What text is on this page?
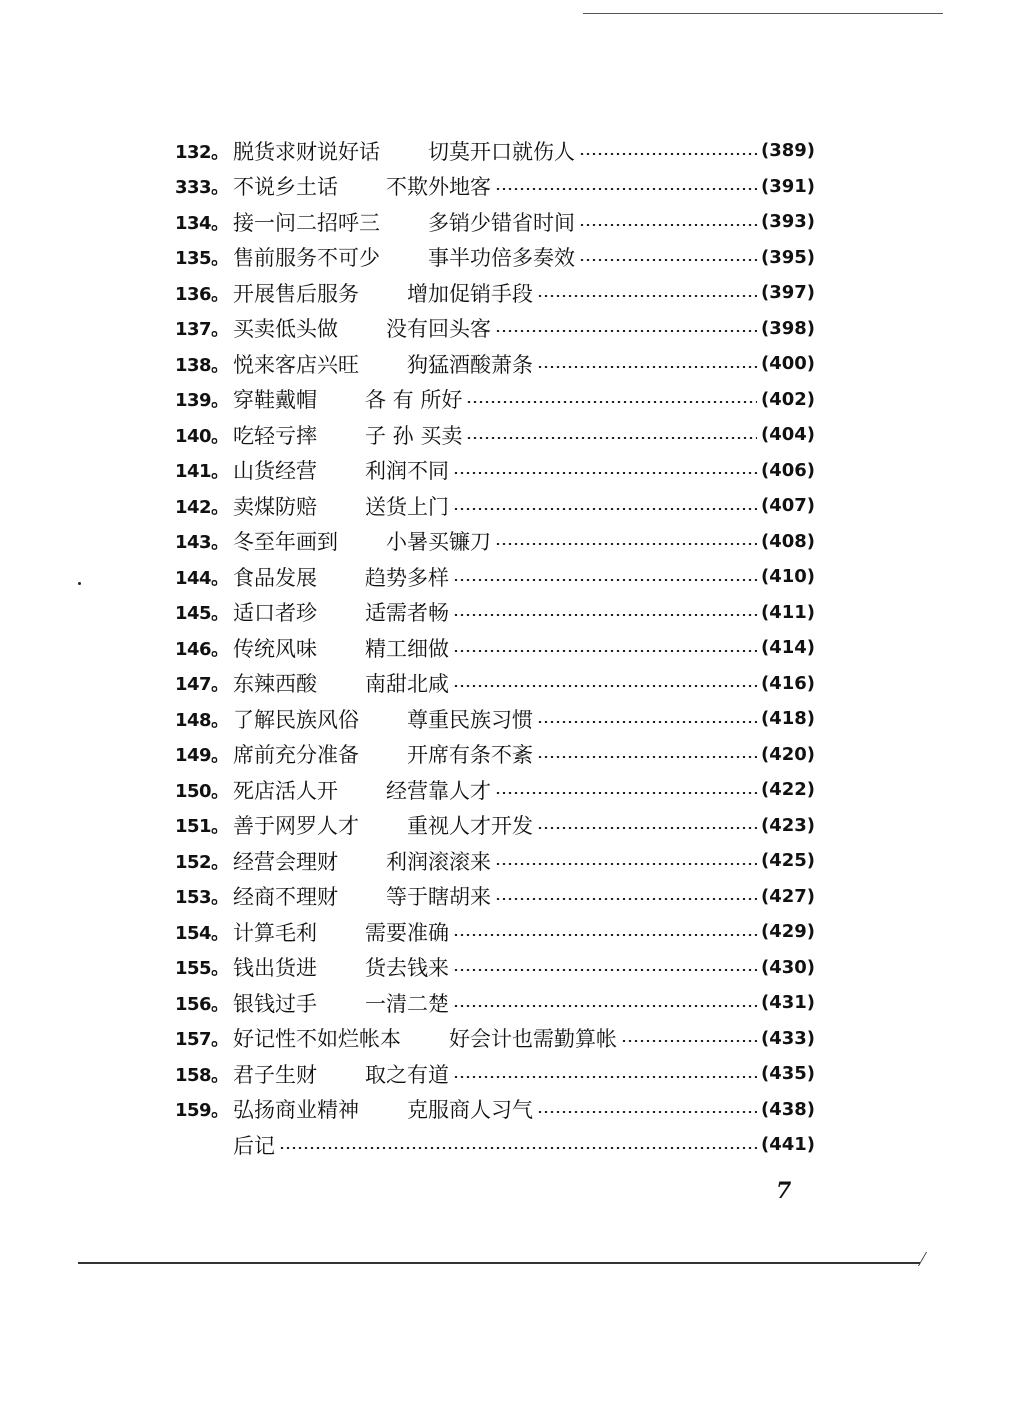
132。 脱货求财说好话 切莫开口就伤人	(389)
333。 不说乡土话 不欺外地客	(391)
134。 接一问二招呼三 多销少错省时间	(393)
135。 售前服务不可少 事半功倍多奏效	(395)
136。 开展售后服务 增加促销手段	(397)
137。 买卖低头做 没有回头客	(398)
138。 悦来客店兴旺 狗猛酒酸萧条	(400)
139。 穿鞋戴帽 各 有 所好	(402)
140。 吃轻亏摔 子 孙 买卖	(404)
141。 山货经营 利润不同	(406)
142。 卖煤防赔 送货上门	(407)
143。 冬至年画到 小暑买镰刀	(408)
144。 食品发展 趋势多样	(410)
145。 适口者珍 适需者畅	(411)
146。 传统风味 精工细做	(414)
147。 东辣西酸 南甜北咸	(416)
148。 了解民族风俗 尊重民族习惯	(418)
149。 席前充分准备 开席有条不紊	(420)
150。 死店活人开 经营靠人才	(422)
151。 善于网罗人才 重视人才开发	(423)
152。 经营会理财 利润滚滚来	(425)
153。 经商不理财 等于瞎胡来	(427)
154。 计算毛利 需要准确	(429)
155。 钱出货进 货去钱来	(430)
156。 银钱过手 一清二楚	(431)
157。 好记性不如烂帐本 好会计也需勤算帐	(433)
158。 君子生财 取之有道	(435)
159。 弘扬商业精神 克服商人习气	(438)
后记	(441)
7
